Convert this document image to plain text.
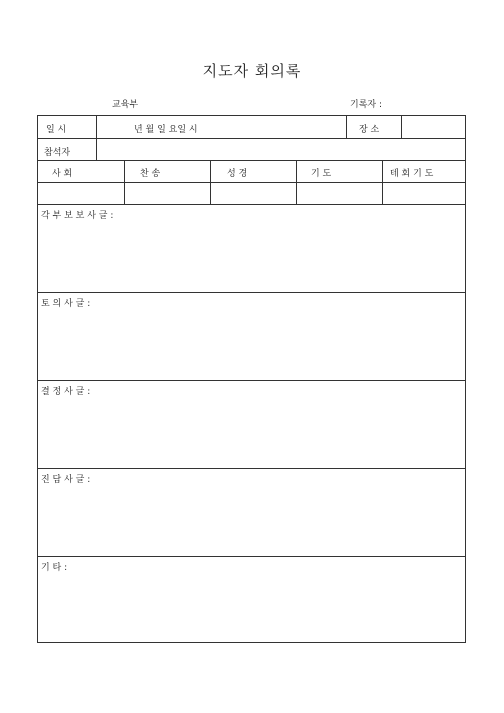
지도자 회의록
교육부	기록자 :
일 시	년 월 일 요일 시	장 소
참석자
사 회	찬 송	성 경	기 도	테 회 기 도
각 부 보 보 사 글 :
토 의 사 글 :
결 정 사 글 :
진 담 사 글 :
기 타 :
